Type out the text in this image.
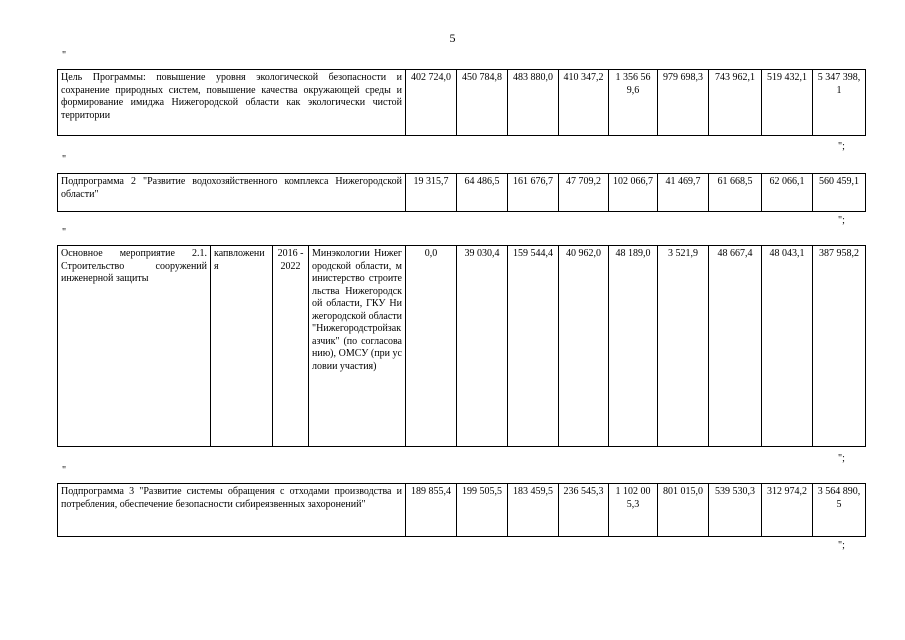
5
"
Цель Программы: повышение уровня экологической безопасности и сохранение природных систем, повышение качества окружающей среды и формирование имиджа Нижегородской области как экологически чистой территории	402 724,0	450 784,8	483 880,0	410 347,2	1 356 569,6	979 698,3	743 962,1	519 432,1	5 347 398,1
";
"
Подпрограмма 2 "Развитие водохозяйственного комплекса Нижегородской области"	19 315,7	64 486,5	161 676,7	47 709,2	102 066,7	41 469,7	61 668,5	62 066,1	560 459,1
";
"
Основное мероприятие 2.1. Строительство сооружений инженерной защиты	капвложения	2016 - 2022	Минэкологии Нижегородской области, министерство строительства Нижегородской области, ГКУ Нижегородской области "Нижегородстройзаказчик" (по согласованию), ОМСУ (при условии участия)	0,0	39 030,4	159 544,4	40 962,0	48 189,0	3 521,9	48 667,4	48 043,1	387 958,2
";
"
Подпрограмма 3 "Развитие системы обращения с отходами производства и потребления, обеспечение безопасности сибиреязвенных захоронений"	189 855,4	199 505,5	183 459,5	236 545,3	1 102 005,3	801 015,0	539 530,3	312 974,2	3 564 890,5
";
